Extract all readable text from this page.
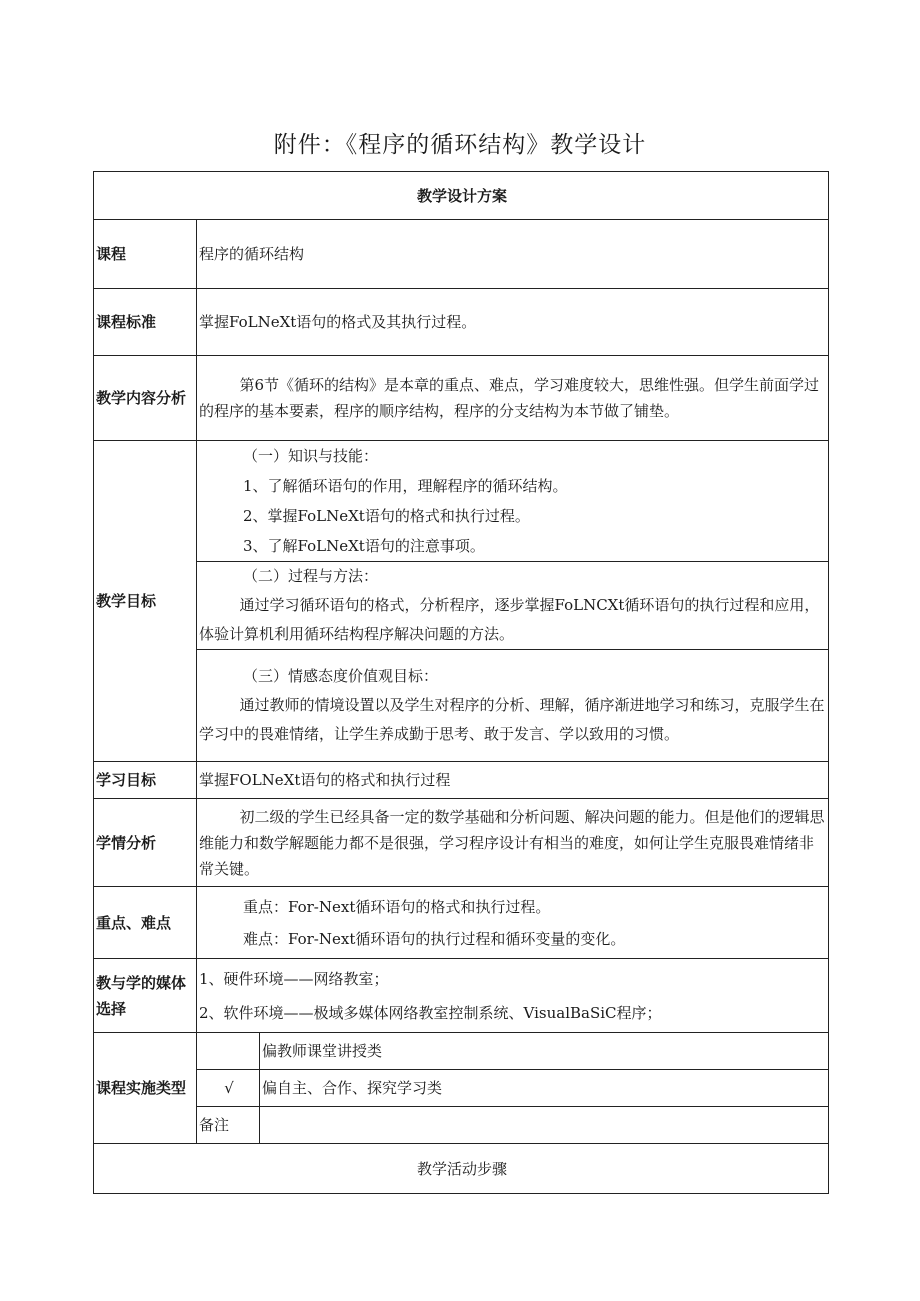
附件：《程序的循环结构》教学设计
教学设计方案		
课程	程序的循环结构	
课程标准	掌握FoLNeXt语句的格式及其执行过程。	
教学内容分析	第6节《循环的结构》是本章的重点、难点，学习难度较大，思维性强。但学生前面学过的程序的基本要素，程序的顺序结构，程序的分支结构为本节做了铺垫。	

教学目标	（一）知识与技能：

1、了解循环语句的作用，理解程序的循环结构。

2、掌握FoLNeXt语句的格式和执行过程。

3、了解FoLNeXt语句的注意事项。	

	（二）过程与方法：

通过学习循环语句的格式，分析程序，逐步掌握FoLNCXt循环语句的执行过程和应用，体验计算机利用循环结构程序解决问题的方法。	

	（三）情感态度价值观目标：

通过教师的情境设置以及学生对程序的分析、理解，循序渐进地学习和练习，克服学生在学习中的畏难情绪，让学生养成勤于思考、敢于发言、学以致用的习惯。	

学习目标	掌握FOLNeXt语句的格式和执行过程	
学情分析	初二级的学生已经具备一定的数学基础和分析问题、解决问题的能力。但是他们的逻辑思维能力和数学解题能力都不是很强，学习程序设计有相当的难度，如何让学生克服畏难情绪非常关键。	

重点、难点	重点：For-Next循环语句的格式和执行过程。

难点：For-Next循环语句的执行过程和循环变量的变化。	

教与学的媒体选择	1、硬件环境——网络教室；

2、软件环境——极域多媒体网络教室控制系统、VisualBaSiC程序；	

课程实施类型		偏教师课堂讲授类
	√	偏自主、合作、探究学习类
	备注	
教学活动步骤		
